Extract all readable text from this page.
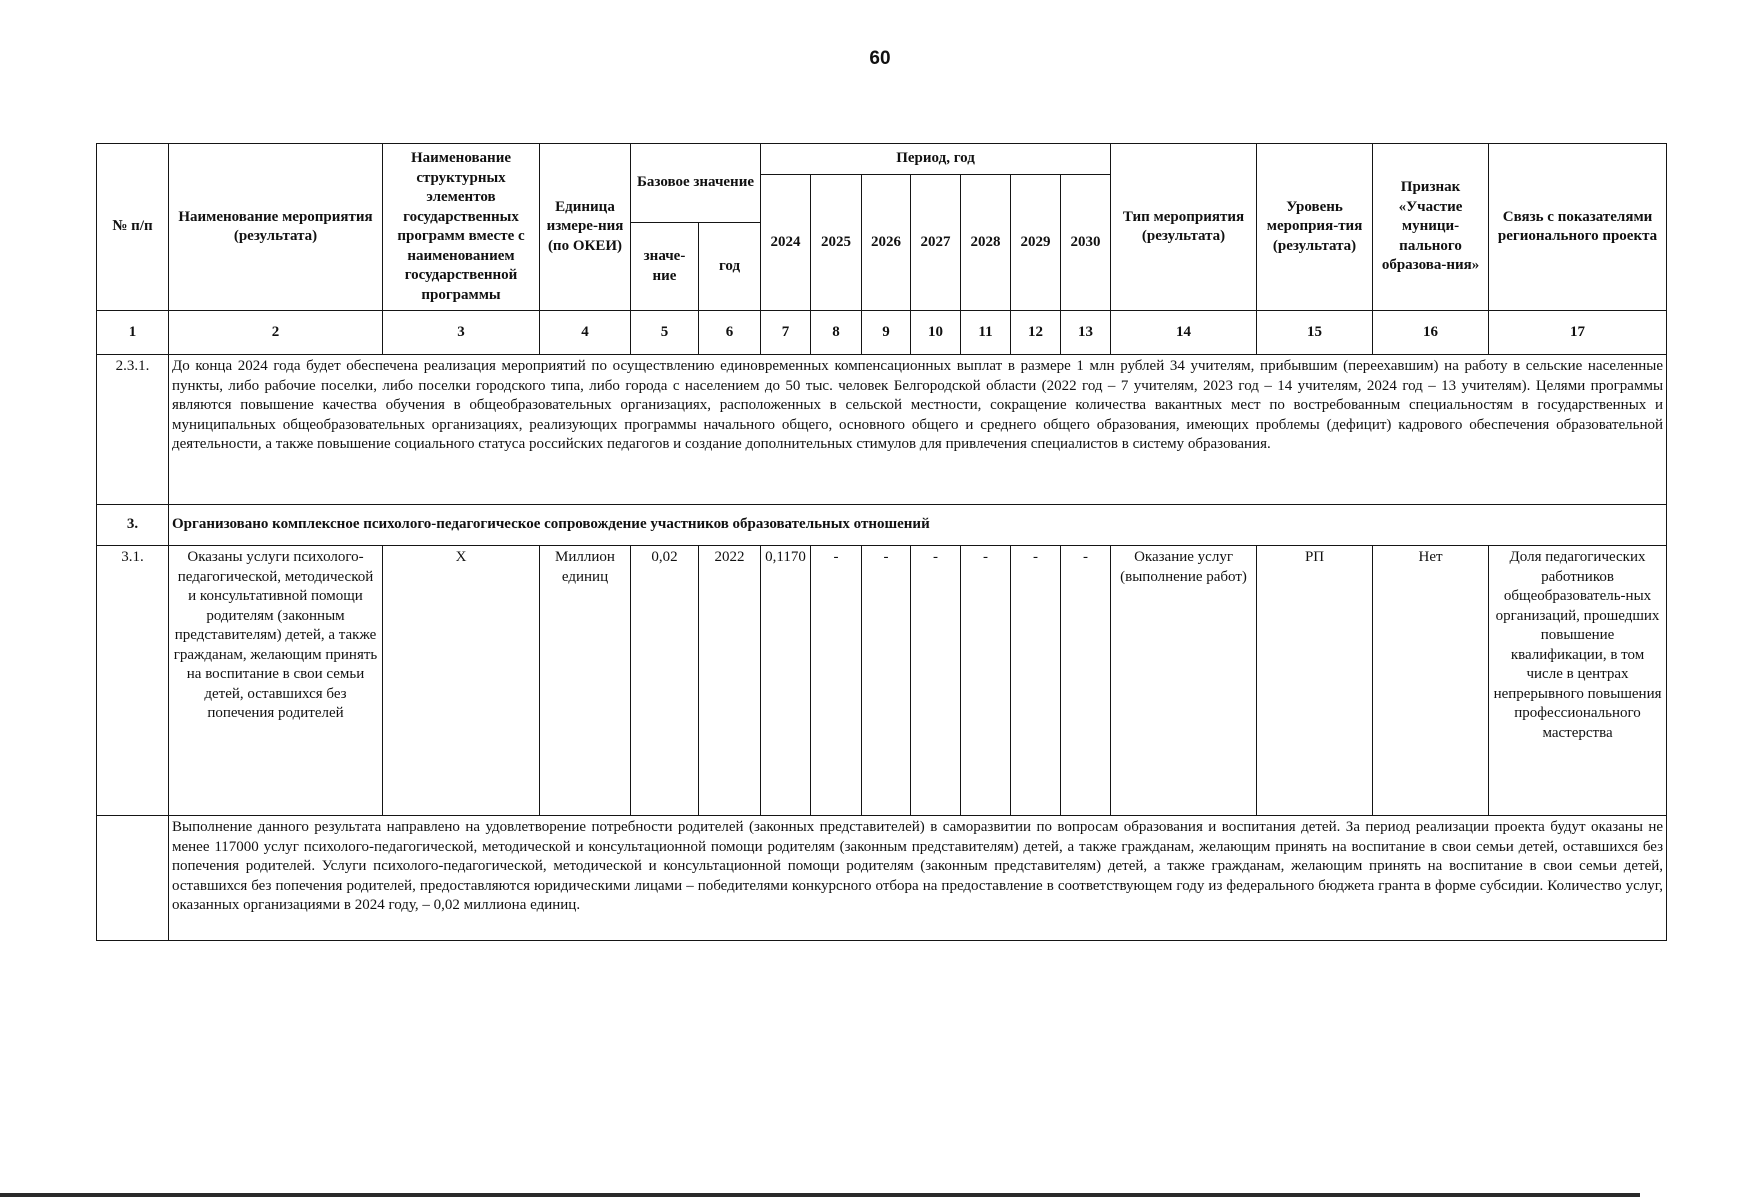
60
№ п/п	Наименование мероприятия (результата)	Наименование структурных элементов государственных программ вместе с наименованием государственной программы	Единица измере-ния (по ОКЕИ)	Базовое значение		Период, год							Тип мероприятия (результата)	Уровень мероприя-тия (результата)	Признак «Участие муници-пального образова-ния»	Связь с показателями регионального проекта
						2024	2025	2026	2027	2028	2029	2030				
				значе-ние	год											
1	2	3	4	5	6	7	8	9	10	11	12	13	14	15	16	17
2.3.1.	До конца 2024 года будет обеспечена реализация мероприятий по осуществлению единовременных компенсационных выплат в размере 1 млн рублей 34 учителям, прибывшим (переехавшим) на работу в сельские населенные пункты, либо рабочие поселки, либо поселки городского типа, либо города с населением до 50 тыс. человек Белгородской области (2022 год – 7 учителям, 2023 год – 14 учителям, 2024 год – 13 учителям). Целями программы являются повышение качества обучения в общеобразовательных организациях, расположенных в сельской местности, сокращение количества вакантных мест по востребованным специальностям в государственных и муниципальных общеобразовательных организациях, реализующих программы начального общего, основного общего и среднего общего образования, имеющих проблемы (дефицит) кадрового обеспечения образовательной деятельности, а также повышение социального статуса российских педагогов и создание дополнительных стимулов для привлечения специалистов в систему образования.															
3.	Организовано комплексное психолого-педагогическое сопровождение участников образовательных отношений															
3.1.	Оказаны услуги психолого-педагогической, методической и консультативной помощи родителям (законным представителям) детей, а также гражданам, желающим принять на воспитание в свои семьи детей, оставшихся без попечения родителей	X	Миллион единиц	0,02	2022	0,1170	-	-	-	-	-	-	Оказание услуг (выполнение работ)	РП	Нет	Доля педагогических работников общеобразователь-ных организаций, прошедших повышение квалификации, в том числе в центрах непрерывного повышения профессионального мастерства
	Выполнение данного результата направлено на удовлетворение потребности родителей (законных представителей) в саморазвитии по вопросам образования и воспитания детей. За период реализации проекта будут оказаны не менее 117000 услуг психолого-педагогической, методической и консультационной помощи родителям (законным представителям) детей, а также гражданам, желающим принять на воспитание в свои семьи детей, оставшихся без попечения родителей. Услуги психолого-педагогической, методической и консультационной помощи родителям (законным представителям) детей, а также гражданам, желающим принять на воспитание в свои семьи детей, оставшихся без попечения родителей, предоставляются юридическими лицами – победителями конкурсного отбора на предоставление в соответствующем году из федерального бюджета гранта в форме субсидии. Количество услуг, оказанных организациями в 2024 году, – 0,02 миллиона единиц.															
